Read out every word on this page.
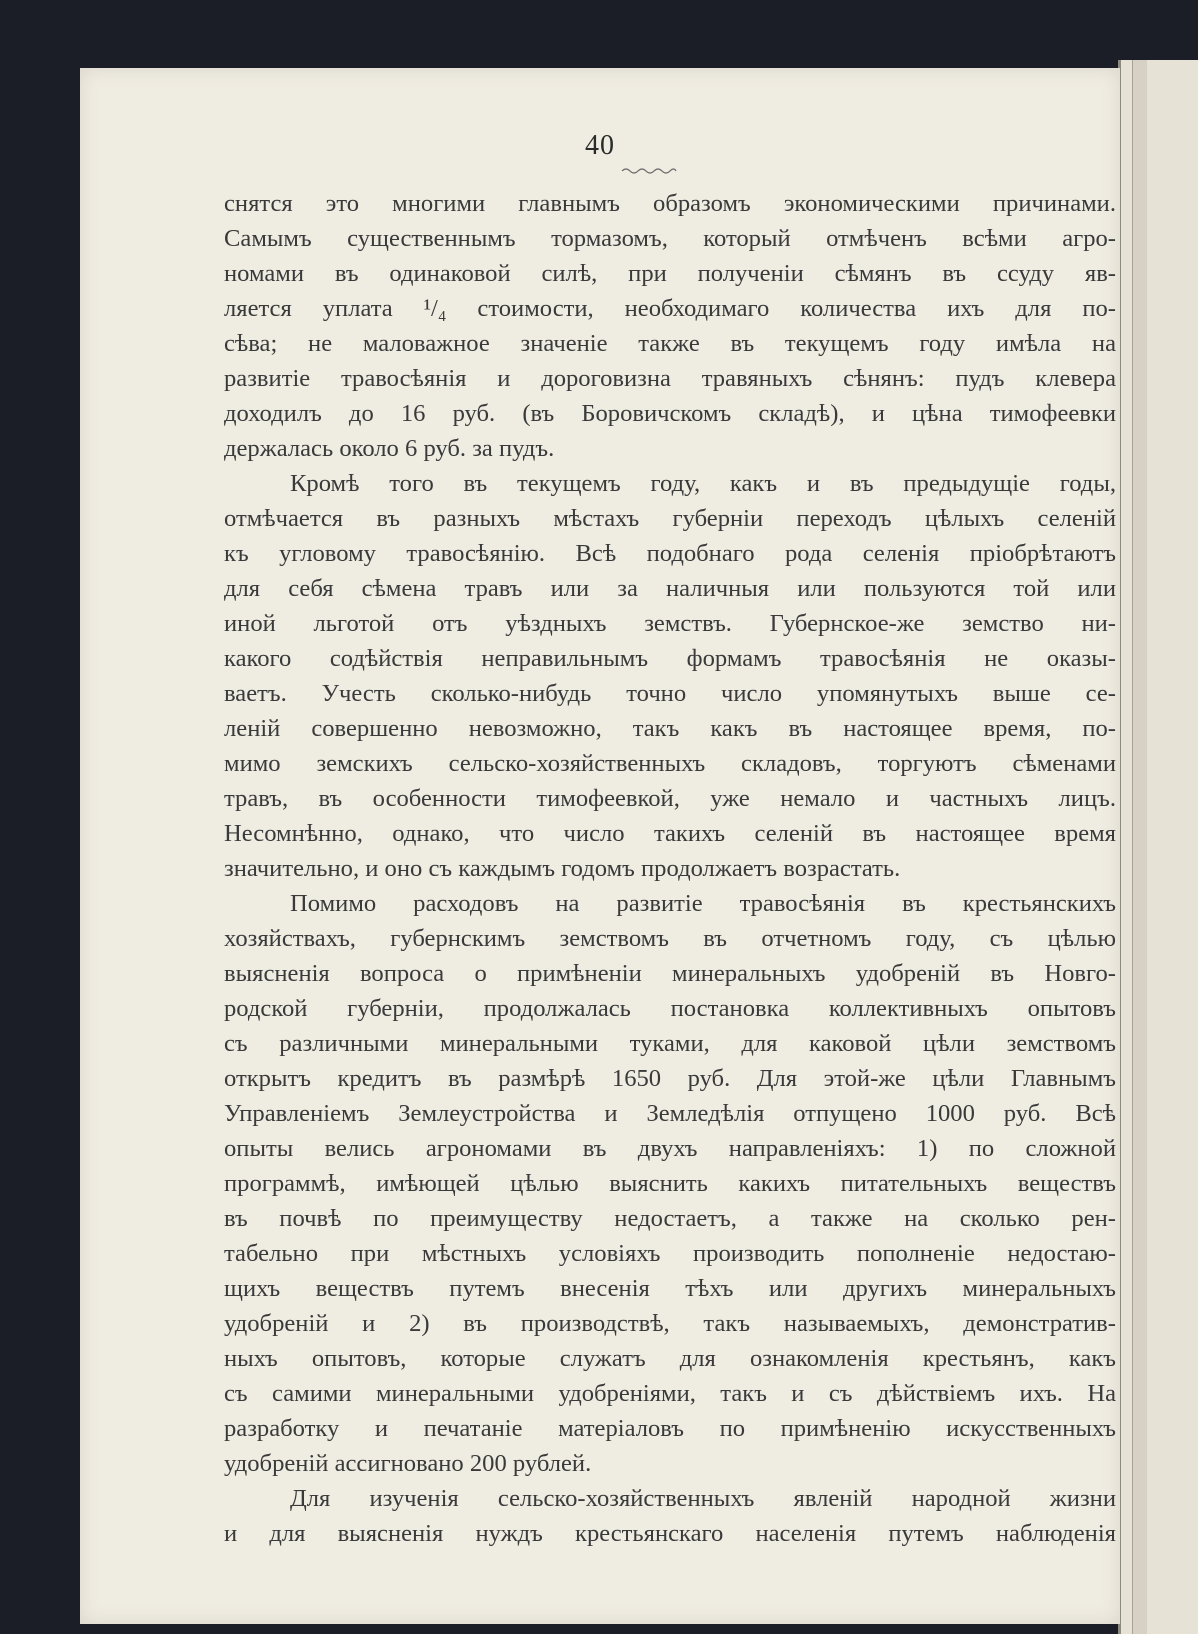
40
снятся это многими главнымъ образомъ экономическими причинами.
Самымъ существеннымъ тормазомъ, который отмѣченъ всѣми агро-
номами въ одинаковой силѣ, при полученіи сѣмянъ въ ссуду яв-
ляется уплата ¹/₄ стоимости, необходимаго количества ихъ для по-
сѣва; не маловажное значеніе также въ текущемъ году имѣла на
развитіе травосѣянія и дороговизна травяныхъ сѣнянъ: пудъ клевера
доходилъ до 16 руб. (въ Боровичскомъ складѣ), и цѣна тимофеевки
держалась около 6 руб. за пудъ.
Кромѣ того въ текущемъ году, какъ и въ предыдущіе годы,
отмѣчается въ разныхъ мѣстахъ губерніи переходъ цѣлыхъ селеній
къ угловому травосѣянію. Всѣ подобнаго рода селенія пріобрѣтаютъ
для себя сѣмена травъ или за наличныя или пользуются той или
иной льготой отъ уѣздныхъ земствъ. Губернское-же земство ни-
какого содѣйствія неправильнымъ формамъ травосѣянія не оказы-
ваетъ. Учесть сколько-нибудь точно число упомянутыхъ выше се-
леній совершенно невозможно, такъ какъ въ настоящее время, по-
мимо земскихъ сельско-хозяйственныхъ складовъ, торгуютъ сѣменами
травъ, въ особенности тимофеевкой, уже немало и частныхъ лицъ.
Несомнѣнно, однако, что число такихъ селеній въ настоящее время
значительно, и оно съ каждымъ годомъ продолжаетъ возрастать.
Помимо расходовъ на развитіе травосѣянія въ крестьянскихъ
хозяйствахъ, губернскимъ земствомъ въ отчетномъ году, съ цѣлью
выясненія вопроса о примѣненіи минеральныхъ удобреній въ Новго-
родской губерніи, продолжалась постановка коллективныхъ опытовъ
съ различными минеральными туками, для каковой цѣли земствомъ
открытъ кредитъ въ размѣрѣ 1650 руб. Для этой-же цѣли Главнымъ
Управленіемъ Землеустройства и Земледѣлія отпущено 1000 руб. Всѣ
опыты велись агрономами въ двухъ направленіяхъ: 1) по сложной
программѣ, имѣющей цѣлью выяснить какихъ питательныхъ веществъ
въ почвѣ по преимуществу недостаетъ, а также на сколько рен-
табельно при мѣстныхъ условіяхъ производить пополненіе недостаю-
щихъ веществъ путемъ внесенія тѣхъ или другихъ минеральныхъ
удобреній и 2) въ производствѣ, такъ называемыхъ, демонстратив-
ныхъ опытовъ, которые служатъ для ознакомленія крестьянъ, какъ
съ самими минеральными удобреніями, такъ и съ дѣйствіемъ ихъ. На
разработку и печатаніе матеріаловъ по примѣненію искусственныхъ
удобреній ассигновано 200 рублей.
Для изученія сельско-хозяйственныхъ явленій народной жизни
и для выясненія нуждъ крестьянскаго населенія путемъ наблюденія
